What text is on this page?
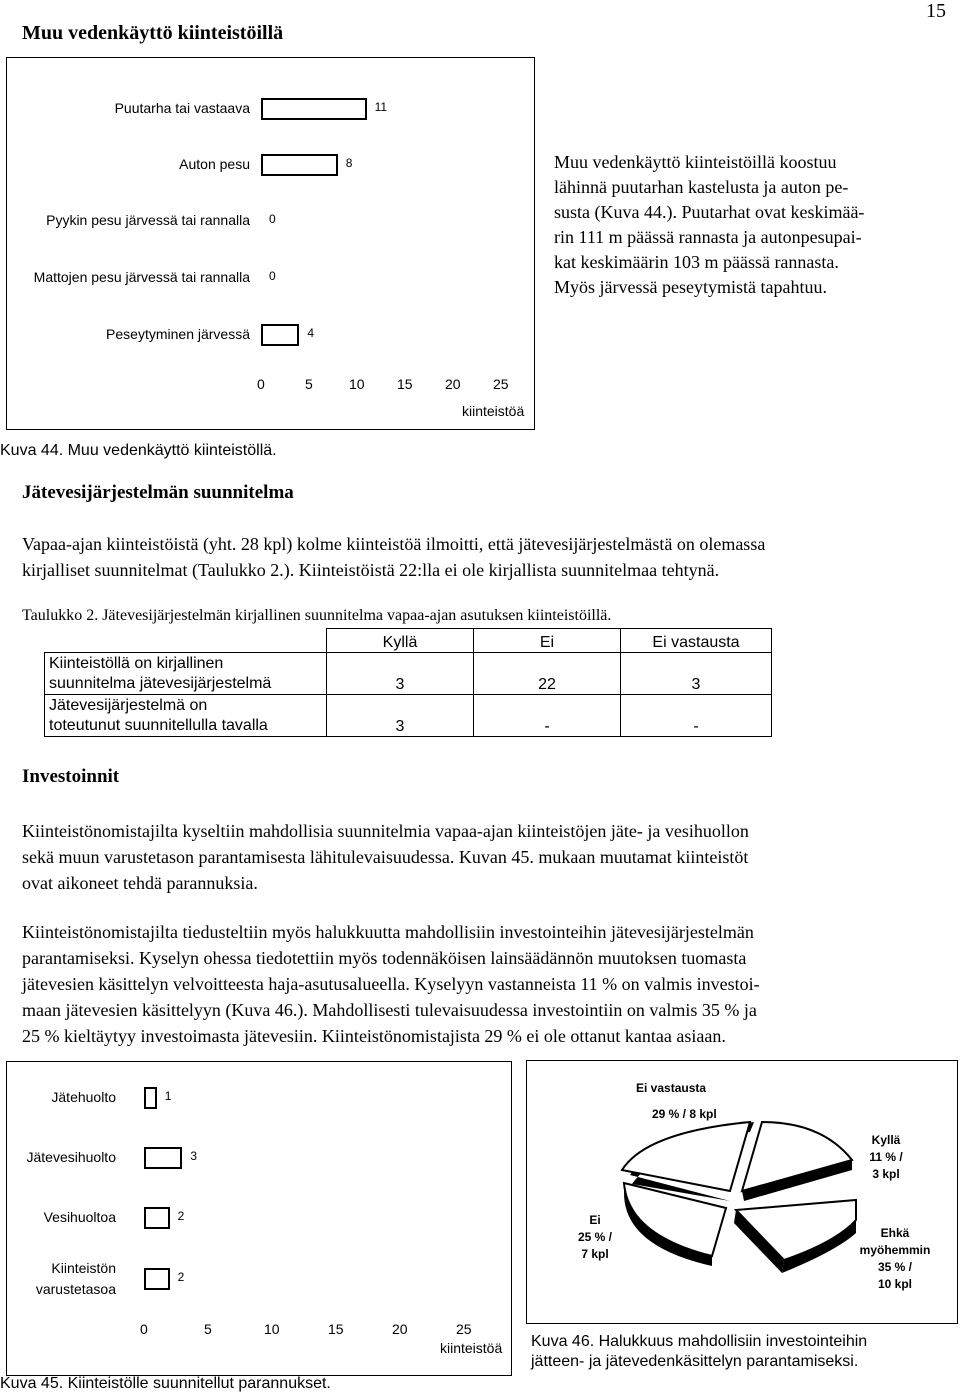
15
Muu vedenkäyttö kiinteistöillä
Puutarha tai vastaava	11
Auton pesu	8
Pyykin pesu järvessä tai rannalla 0
Mattojen pesu järvessä tai rannalla 0
Peseytyminen järvessä	4
0	5	10 15 20 25
kiinteistöä
Kuva 44. Muu vedenkäyttö kiinteistöllä.
Muu vedenkäyttö kiinteistöillä koostuu
lähinnä puutarhan kastelusta ja auton pe-
susta (Kuva 44.). Puutarhat ovat keskimää-
rin 111 m päässä rannasta ja autonpesupai-
kat keskimäärin 103 m päässä rannasta.
Myös järvessä peseytymistä tapahtuu.
Jätevesijärjestelmän suunnitelma
Vapaa-ajan kiinteistöistä (yht. 28 kpl) kolme kiinteistöä ilmoitti, että jätevesijärjestelmästä on olemassa
kirjalliset suunnitelmat (Taulukko 2.). Kiinteistöistä 22:lla ei ole kirjallista suunnitelmaa tehtynä.
Taulukko 2. Jätevesijärjestelmän kirjallinen suunnitelma vapaa-ajan asutuksen kiinteistöillä.
	Kyllä	Ei	Ei vastausta

Kiinteistöllä on kirjallinen
suunnitelma jätevesijärjestelmä	3	22	3

Jätevesijärjestelmä on
toteutunut suunnitellulla tavalla	3	-	-
Investoinnit
Kiinteistönomistajilta kyseltiin mahdollisia suunnitelmia vapaa-ajan kiinteistöjen jäte- ja vesihuollon
sekä muun varustetason parantamisesta lähitulevaisuudessa. Kuvan 45. mukaan muutamat kiinteistöt
ovat aikoneet tehdä parannuksia.
Kiinteistönomistajilta tiedusteltiin myös halukkuutta mahdollisiin investointeihin jätevesijärjestelmän
parantamiseksi. Kyselyn ohessa tiedotettiin myös todennäköisen lainsäädännön muutoksen tuomasta
jätevesien käsittelyn velvoitteesta haja-asutusalueella. Kyselyyn vastanneista 11 % on valmis investoi-
maan jätevesien käsittelyyn (Kuva 46.). Mahdollisesti tulevaisuudessa investointiin on valmis 35 % ja
25 % kieltäytyy investoimasta jätevesiin. Kiinteistönomistajista 29 % ei ole ottanut kantaa asiaan.
Jätehuolto	1
Jätevesihuolto	3
Vesihuoltoa	2
Kiinteistön
varustetasoa
2
0	5	10	15	20	25
kiinteistöä
Kuva 45. Kiinteistölle suunnitellut parannukset.
Ei vastausta
29 % / 8 kpl
Kyllä
11 % /
3 kpl
Ei
25 % /
7 kpl
Ehkä
myöhemmin
35 % /
10 kpl
Kuva 46. Halukkuus mahdollisiin investointeihin
jätteen- ja jätevedenkäsittelyn parantamiseksi.
